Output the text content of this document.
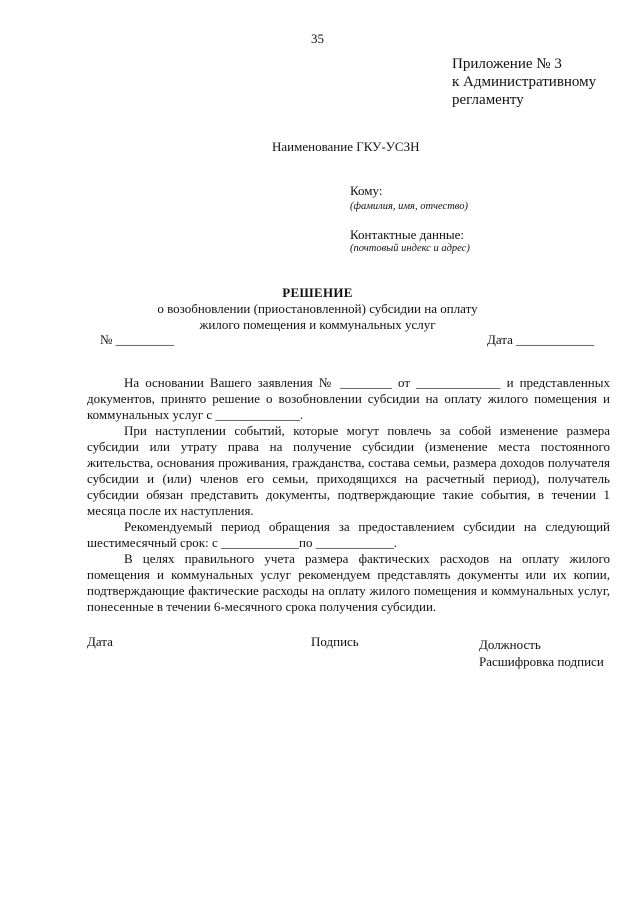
35
Приложение № 3
к Административному
регламенту
Наименование ГКУ-УСЗН
Кому:
(фамилия, имя, отчество)
Контактные данные:
(почтовый индекс и адрес)
РЕШЕНИЕ
о возобновлении (приостановленной) субсидии на оплату
жилого помещения и коммунальных услуг
№ _________	Дата ____________

На основании Вашего заявления № ________ от _____________ и представленных документов, принято решение о возобновлении субсидии на оплату жилого помещения и коммунальных услуг с _____________.

При наступлении событий, которые могут повлечь за собой изменение размера субсидии или утрату права на получение субсидии (изменение места постоянного жительства, основания проживания, гражданства, состава семьи, размера доходов получателя субсидии и (или) членов его семьи, приходящихся на расчетный период), получатель субсидии обязан представить документы, подтверждающие такие события, в течении 1 месяца после их наступления.

Рекомендуемый период обращения за предоставлением субсидии на следующий шестимесячный срок: с ____________по ____________.

В целях правильного учета размера фактических расходов на оплату жилого помещения и коммунальных услуг рекомендуем представлять документы или их копии, подтверждающие фактические расходы на оплату жилого помещения и коммунальных услуг, понесенные в течении 6-месячного срока получения субсидии.

Дата	Подпись	Должность
Расшифровка подписи
